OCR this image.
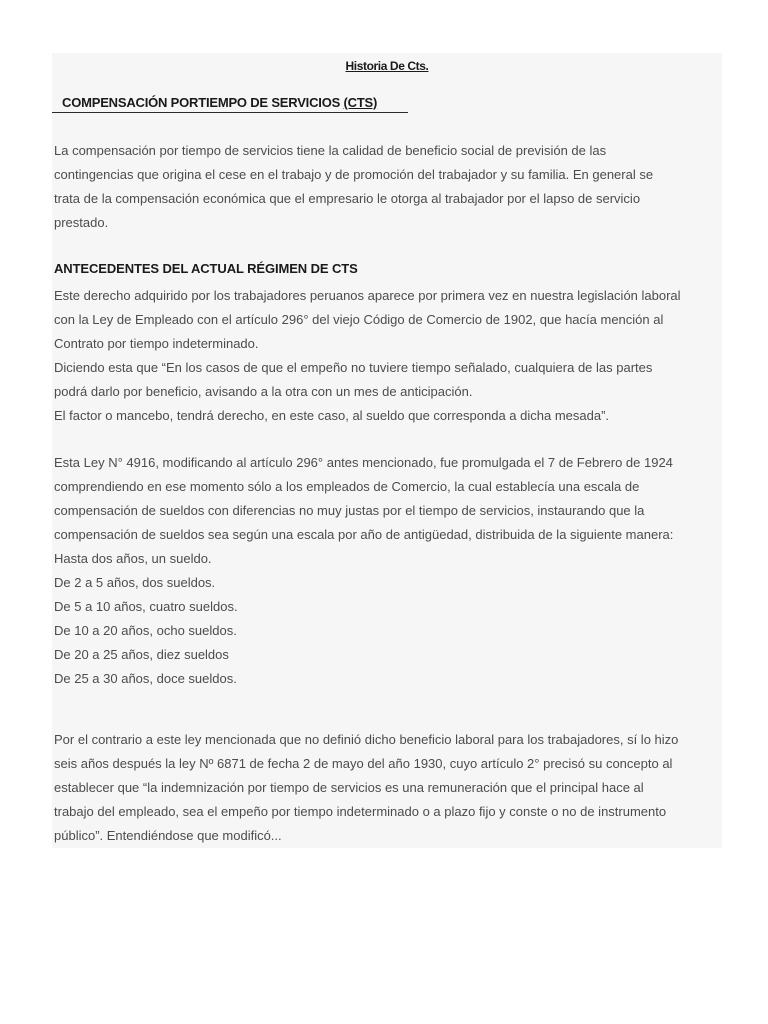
Historia De Cts.

COMPENSACIÓN PORTIEMPO DE SERVICIOS (CTS)

La compensación por tiempo de servicios tiene la calidad de beneficio social de previsión de las
contingencias que origina el cese en el trabajo y de promoción del trabajador y su familia. En general se
trata de la compensación económica que el empresario le otorga al trabajador por el lapso de servicio
prestado.

ANTECEDENTES DEL ACTUAL RÉGIMEN DE CTS

Este derecho adquirido por los trabajadores peruanos aparece por primera vez en nuestra legislación laboral
con la Ley de Empleado con el artículo 296° del viejo Código de Comercio de 1902, que hacía mención al
Contrato por tiempo indeterminado.
Diciendo esta que “En los casos de que el empeño no tuviere tiempo señalado, cualquiera de las partes
podrá darlo por beneficio, avisando a la otra con un mes de anticipación.
El factor o mancebo, tendrá derecho, en este caso, al sueldo que corresponda a dicha mesada”.

Esta Ley N° 4916, modificando al artículo 296° antes mencionado, fue promulgada el 7 de Febrero de 1924
comprendiendo en ese momento sólo a los empleados de Comercio, la cual establecía una escala de
compensación de sueldos con diferencias no muy justas por el tiempo de servicios, instaurando que la
compensación de sueldos sea según una escala por año de antigüedad, distribuida de la siguiente manera:
Hasta dos años, un sueldo.
De 2 a 5 años, dos sueldos.
De 5 a 10 años, cuatro sueldos.
De 10 a 20 años, ocho sueldos.
De 20 a 25 años, diez sueldos
De 25 a 30 años, doce sueldos.

Por el contrario a este ley mencionada que no definió dicho beneficio laboral para los trabajadores, sí lo hizo
seis años después la ley Nº 6871 de fecha 2 de mayo del año 1930, cuyo artículo 2° precisó su concepto al
establecer que “la indemnización por tiempo de servicios es una remuneración que el principal hace al
trabajo del empleado, sea el empeño por tiempo indeterminado o a plazo fijo y conste o no de instrumento
público”. Entendiéndose que modificó...
